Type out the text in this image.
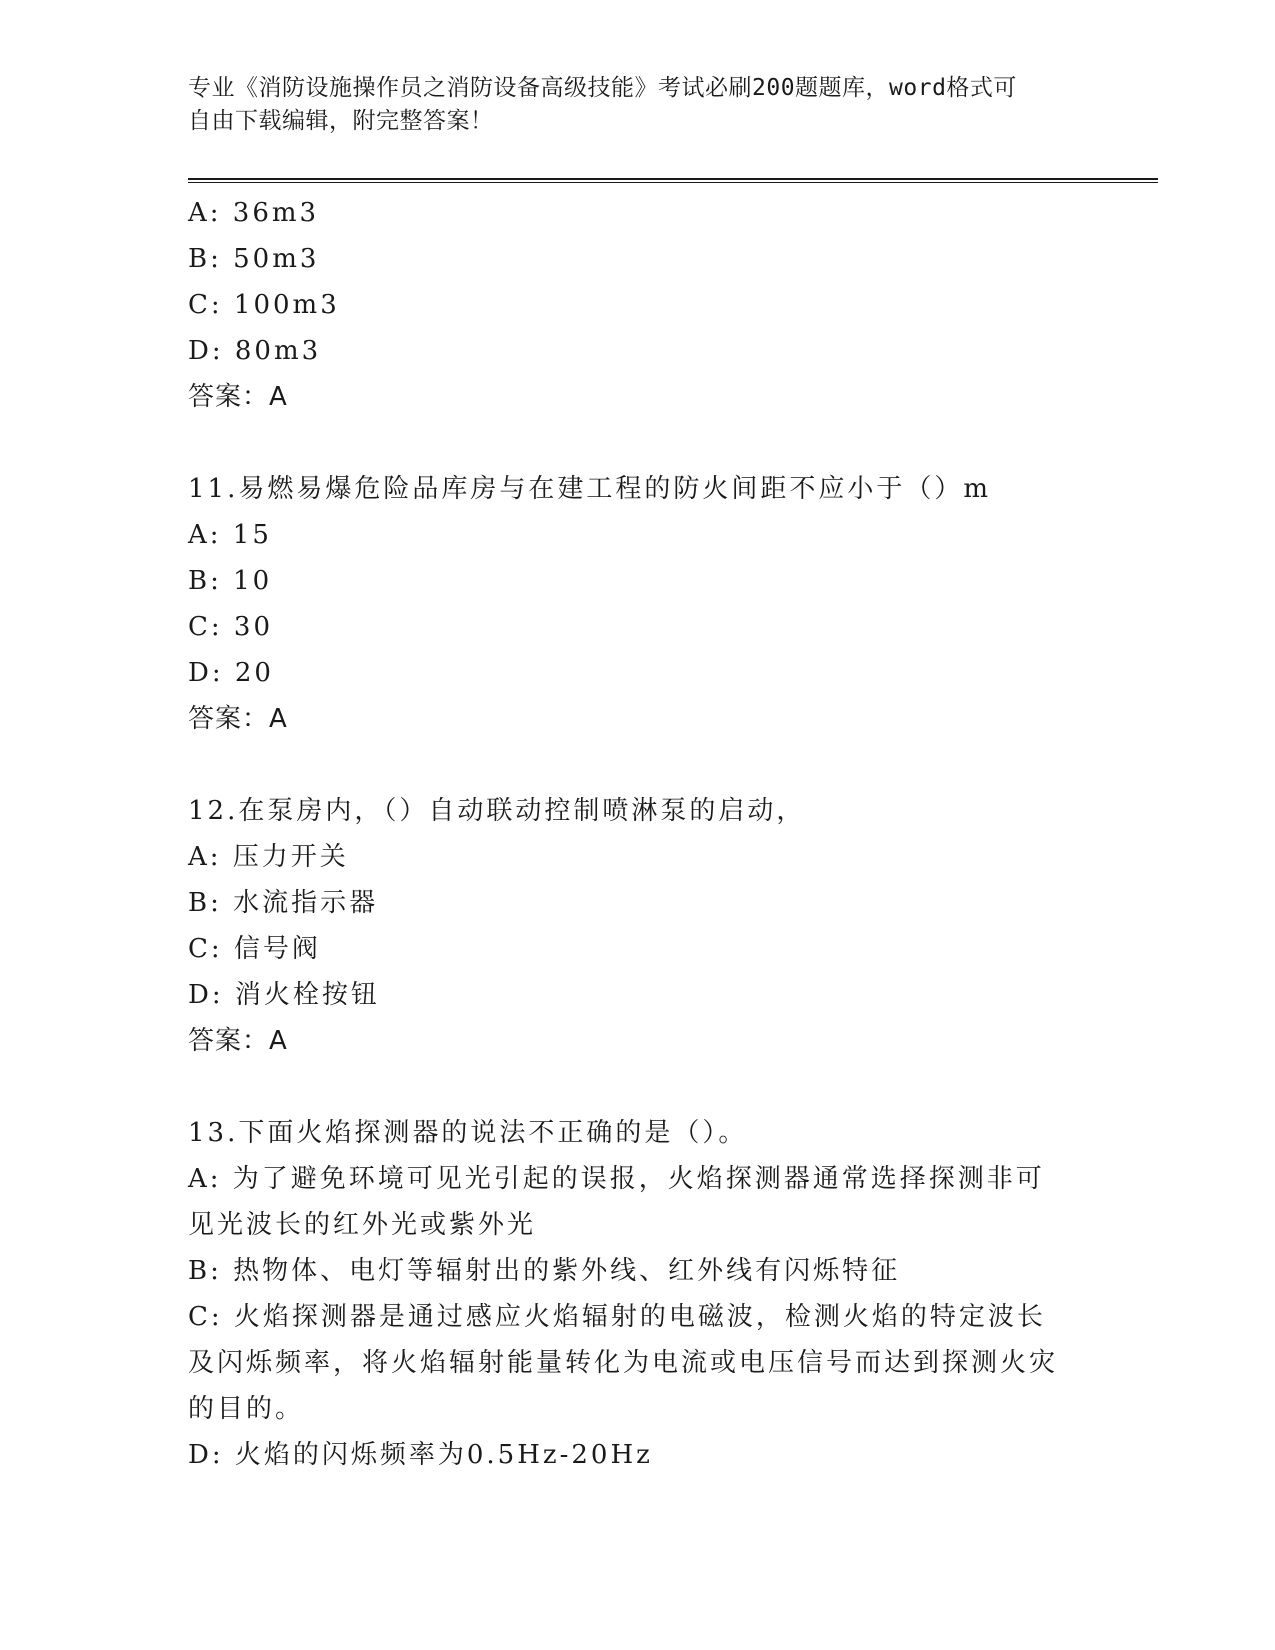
专业《消防设施操作员之消防设备高级技能》考试必刷200题题库，word格式可
自由下载编辑，附完整答案！
A: 36m3
B: 50m3
C: 100m3
D: 80m3
答案：A
11.易燃易爆危险品库房与在建工程的防火间距不应小于（）m
A: 15
B: 10
C: 30
D: 20
答案：A
12.在泵房内，（）自动联动控制喷淋泵的启动，
A: 压力开关
B: 水流指示器
C: 信号阀
D: 消火栓按钮
答案：A
13.下面火焰探测器的说法不正确的是（）。
A: 为了避免环境可见光引起的误报，火焰探测器通常选择探测非可见光波长的红外光或紫外光
B: 热物体、电灯等辐射出的紫外线、红外线有闪烁特征
C: 火焰探测器是通过感应火焰辐射的电磁波，检测火焰的特定波长及闪烁频率，将火焰辐射能量转化为电流或电压信号而达到探测火灾的目的。
D: 火焰的闪烁频率为0.5Hz-20Hz
